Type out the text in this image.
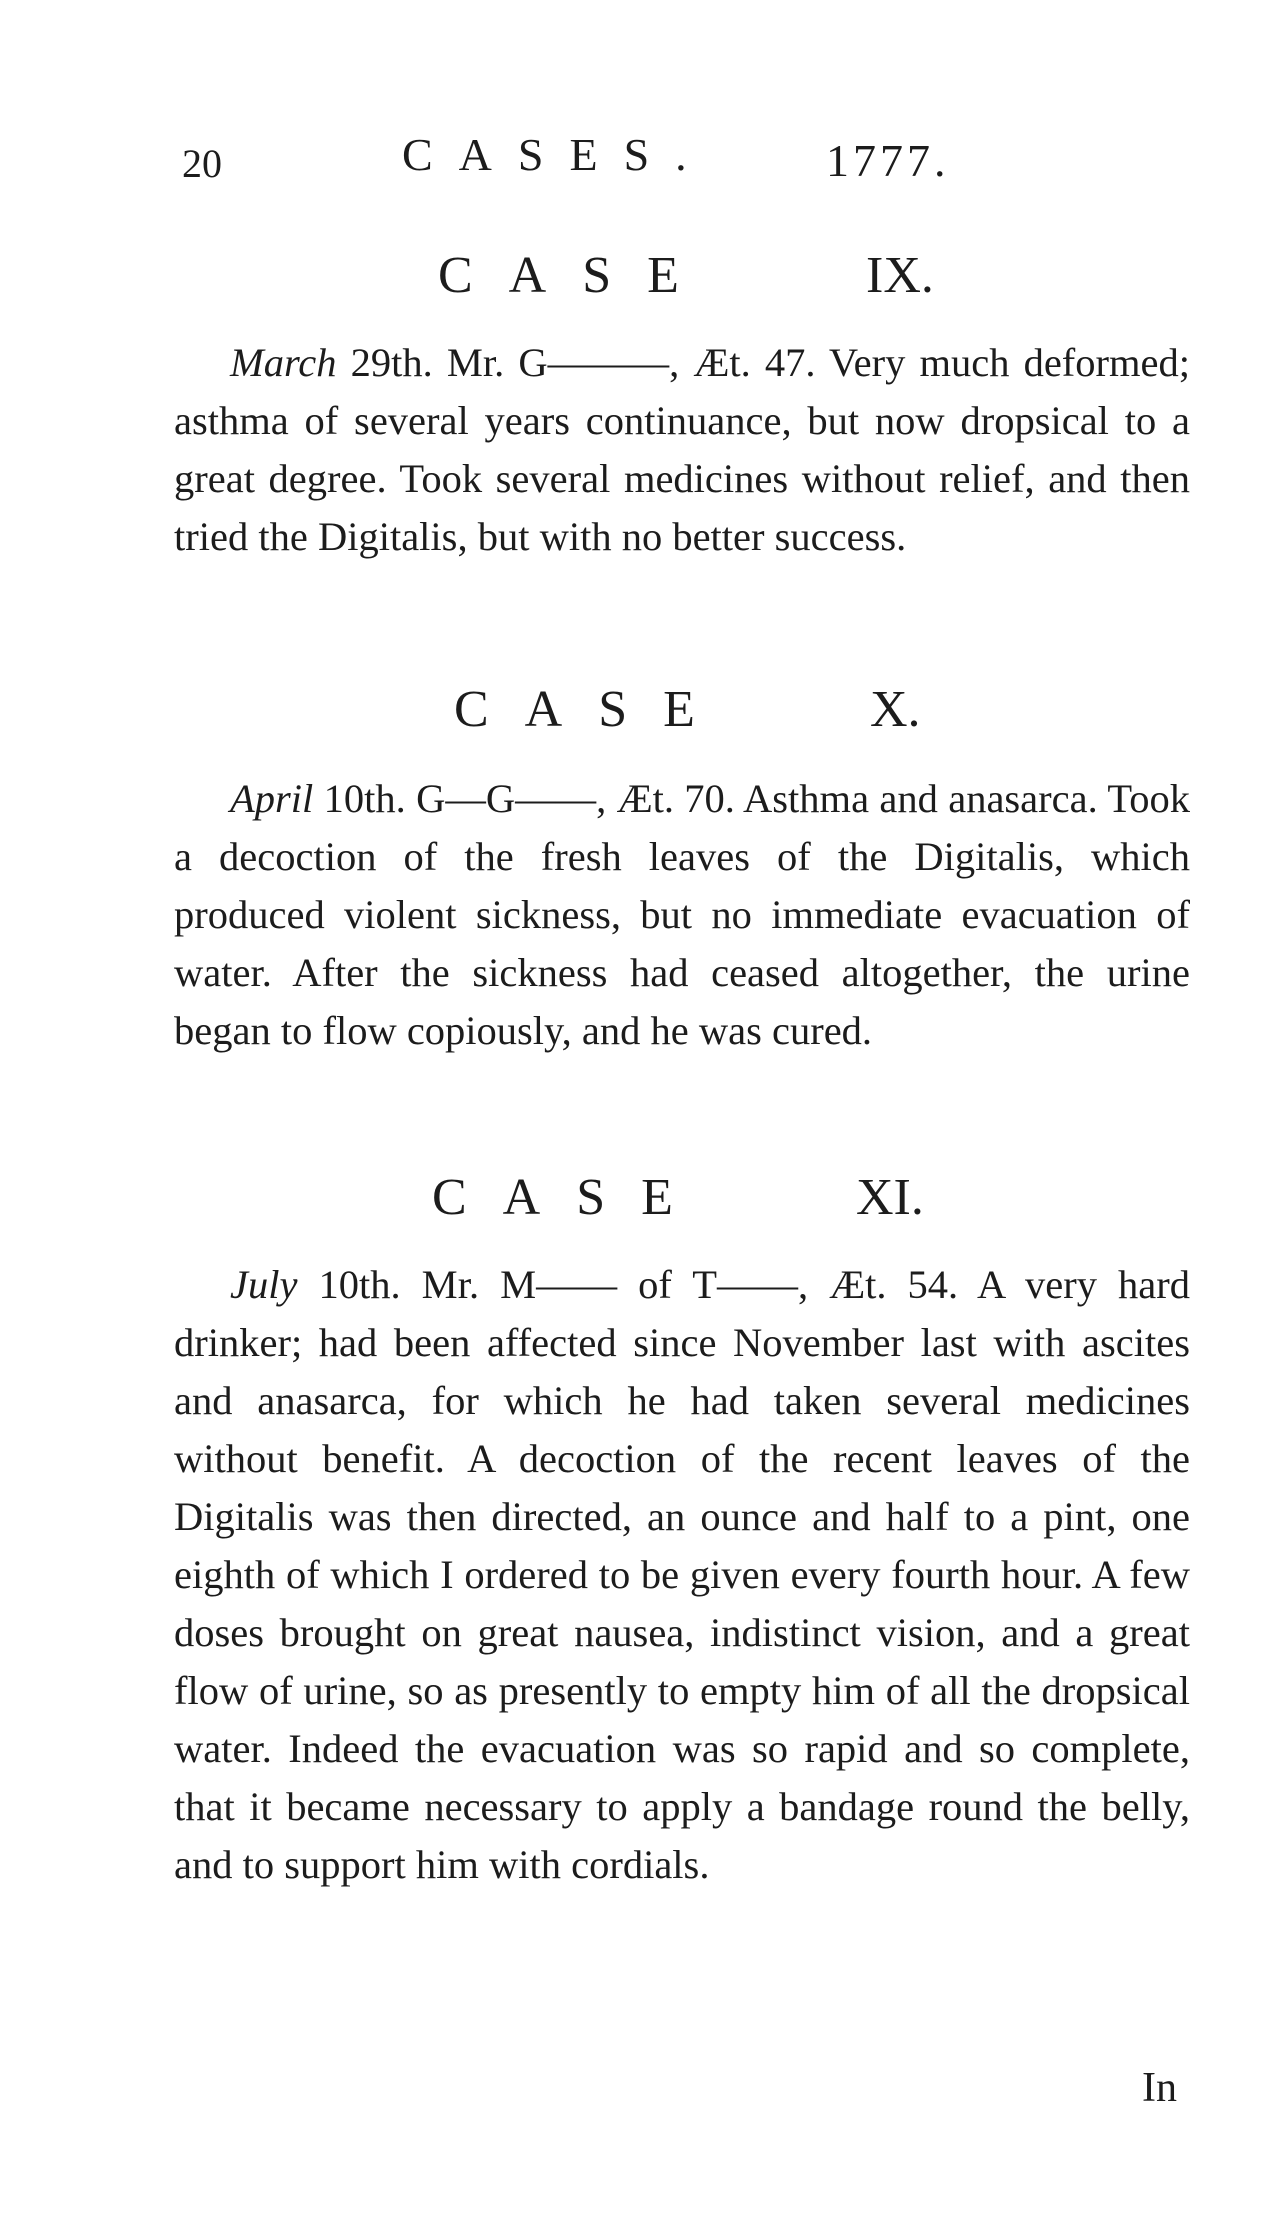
20	CASES. 1777.
CASE	IX.

March 29th. Mr. G———, Æt. 47. Very much deformed; asthma of several years continuance, but now dropsical to a great degree. Took several medicines without relief, and then tried the Digitalis, but with no better success.

CASE	X.

April 10th. G—G——, Æt. 70. Asthma and anasarca. Took a decoction of the fresh leaves of the Digitalis, which produced violent sickness, but no immediate evacuation of water. After the sickness had ceased altogether, the urine began to flow copiously, and he was cured.

CASE	XI.

July 10th. Mr. M—— of T——, Æt. 54. A very hard drinker; had been affected since November last with ascites and anasarca, for which he had taken several medicines without benefit. A decoction of the recent leaves of the Digitalis was then directed, an ounce and half to a pint, one eighth of which I ordered to be given every fourth hour. A few doses brought on great nausea, indistinct vision, and a great flow of urine, so as presently to empty him of all the dropsical water. Indeed the evacuation was so rapid and so complete, that it became necessary to apply a bandage round the belly, and to support him with cordials.

In
